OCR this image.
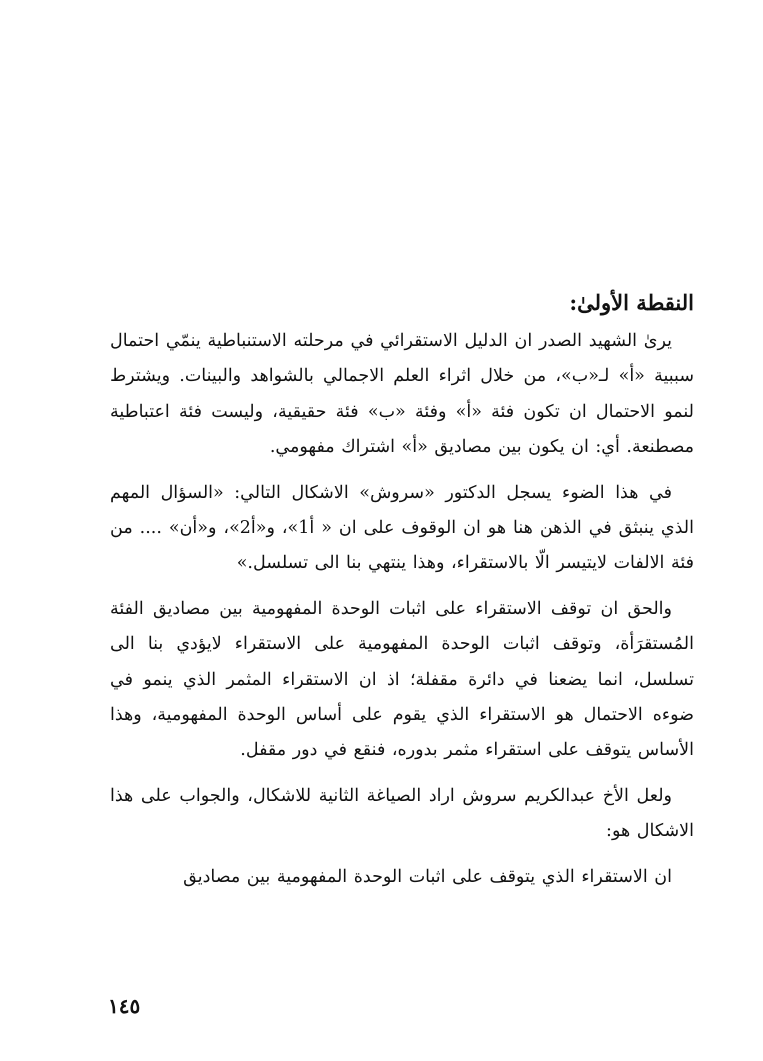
النقطة الأولىٰ:

يرىٰ الشهيد الصدر ان الدليل الاستقرائي في مرحلته الاستنباطية ينمّي احتمال سببية «أ» لـ«ب»، من خلال اثراء العلم الاجمالي بالشواهد والبينات. ويشترط لنمو الاحتمال ان تكون فئة «أ» وفئة «ب» فئة حقيقية، وليست فئة اعتباطية مصطنعة. أي: ان يكون بين مصاديق «أ» اشتراك مفهومي.

في هذا الضوء يسجل الدكتور «سروش» الاشكال التالي: «السؤال المهم الذي ينبثق في الذهن هنا هو ان الوقوف على ان « أ1»، و«أ2»، و«أن» .... من فئة الالفات لايتيسر الّا بالاستقراء، وهذا ينتهي بنا الى تسلسل.»

والحق ان توقف الاستقراء على اثبات الوحدة المفهومية بين مصاديق الفئة المُستقرَأة، وتوقف اثبات الوحدة المفهومية على الاستقراء لايؤدي بنا الى تسلسل، انما يضعنا في دائرة مقفلة؛ اذ ان الاستقراء المثمر الذي ينمو في ضوءه الاحتمال هو الاستقراء الذي يقوم على أساس الوحدة المفهومية، وهذا الأساس يتوقف على استقراء مثمر بدوره، فنقع في دور مقفل.

ولعل الأخ عبدالكريم سروش اراد الصياغة الثانية للاشكال، والجواب على هذا الاشكال هو:

ان الاستقراء الذي يتوقف على اثبات الوحدة المفهومية بين مصاديق

١٤٥
